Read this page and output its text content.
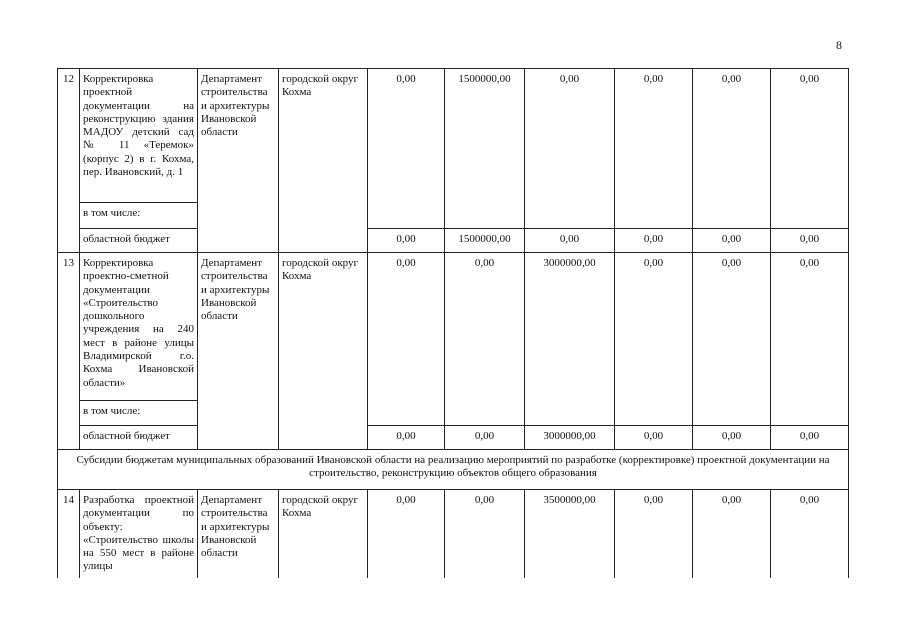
8
12	Корректировка проектной документации на реконструкцию здания МАДОУ детский сад № 11 «Теремок» (корпус 2) в г. Кохма, пер. Ивановский, д. 1	Департамент строительства и архитектуры Ивановской области	городской округ Кохма	0,00	1500000,00	0,00	0,00	0,00	0,00
	в том числе:								
	областной бюджет			0,00	1500000,00	0,00	0,00	0,00	0,00
13	Корректировка проектно-сметной документации «Строительство дошкольного учреждения на 240 мест в районе улицы Владимирской г.о. Кохма Ивановской области»	Департамент строительства и архитектуры Ивановской области	городской округ Кохма	0,00	0,00	3000000,00	0,00	0,00	0,00
	в том числе:								
	областной бюджет			0,00	0,00	3000000,00	0,00	0,00	0,00
Субсидии бюджетам муниципальных образований Ивановской области на реализацию мероприятий по разработке (корректировке) проектной документации на строительство, реконструкцию объектов общего образования									
14	Разработка проектной документации по объекту: «Строительство школы на 550 мест в районе улицы	Департамент строительства и архитектуры Ивановской области	городской округ Кохма	0,00	0,00	3500000,00	0,00	0,00	0,00
